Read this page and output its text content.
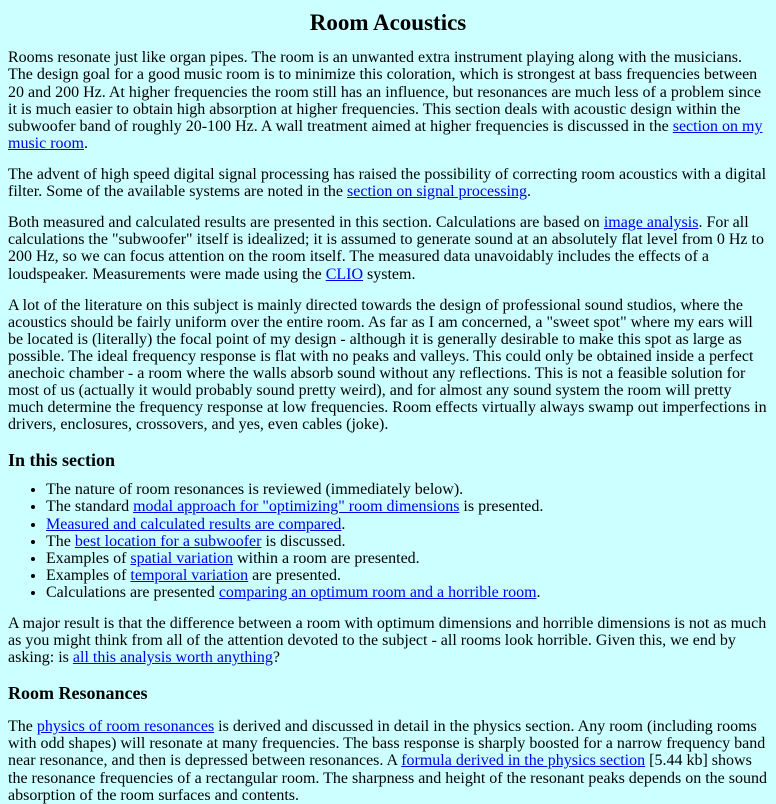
Room Acoustics

Rooms resonate just like organ pipes. The room is an unwanted extra instrument playing along with the musicians. The design goal for a good music room is to minimize this coloration, which is strongest at bass frequencies between 20 and 200 Hz. At higher frequencies the room still has an influence, but resonances are much less of a problem since it is much easier to obtain high absorption at higher frequencies. This section deals with acoustic design within the subwoofer band of roughly 20-100 Hz. A wall treatment aimed at higher frequencies is discussed in the section on my music room.

The advent of high speed digital signal processing has raised the possibility of correcting room acoustics with a digital filter. Some of the available systems are noted in the section on signal processing.

Both measured and calculated results are presented in this section. Calculations are based on image analysis. For all calculations the "subwoofer" itself is idealized; it is assumed to generate sound at an absolutely flat level from 0 Hz to 200 Hz, so we can focus attention on the room itself. The measured data unavoidably includes the effects of a loudspeaker. Measurements were made using the CLIO system.

A lot of the literature on this subject is mainly directed towards the design of professional sound studios, where the acoustics should be fairly uniform over the entire room. As far as I am concerned, a "sweet spot" where my ears will be located is (literally) the focal point of my design - although it is generally desirable to make this spot as large as possible. The ideal frequency response is flat with no peaks and valleys. This could only be obtained inside a perfect anechoic chamber - a room where the walls absorb sound without any reflections. This is not a feasible solution for most of us (actually it would probably sound pretty weird), and for almost any sound system the room will pretty much determine the frequency response at low frequencies. Room effects virtually always swamp out imperfections in drivers, enclosures, crossovers, and yes, even cables (joke).

In this section
• The nature of room resonances is reviewed (immediately below).
• The standard modal approach for "optimizing" room dimensions is presented.
• Measured and calculated results are compared.
• The best location for a subwoofer is discussed.
• Examples of spatial variation within a room are presented.
• Examples of temporal variation are presented.
• Calculations are presented comparing an optimum room and a horrible room.

A major result is that the difference between a room with optimum dimensions and horrible dimensions is not as much as you might think from all of the attention devoted to the subject - all rooms look horrible. Given this, we end by asking: is all this analysis worth anything?

Room Resonances

The physics of room resonances is derived and discussed in detail in the physics section. Any room (including rooms with odd shapes) will resonate at many frequencies. The bass response is sharply boosted for a narrow frequency band near resonance, and then is depressed between resonances. A formula derived in the physics section [5.44 kb] shows the resonance frequencies of a rectangular room. The sharpness and height of the resonant peaks depends on the sound absorption of the room surfaces and contents.
